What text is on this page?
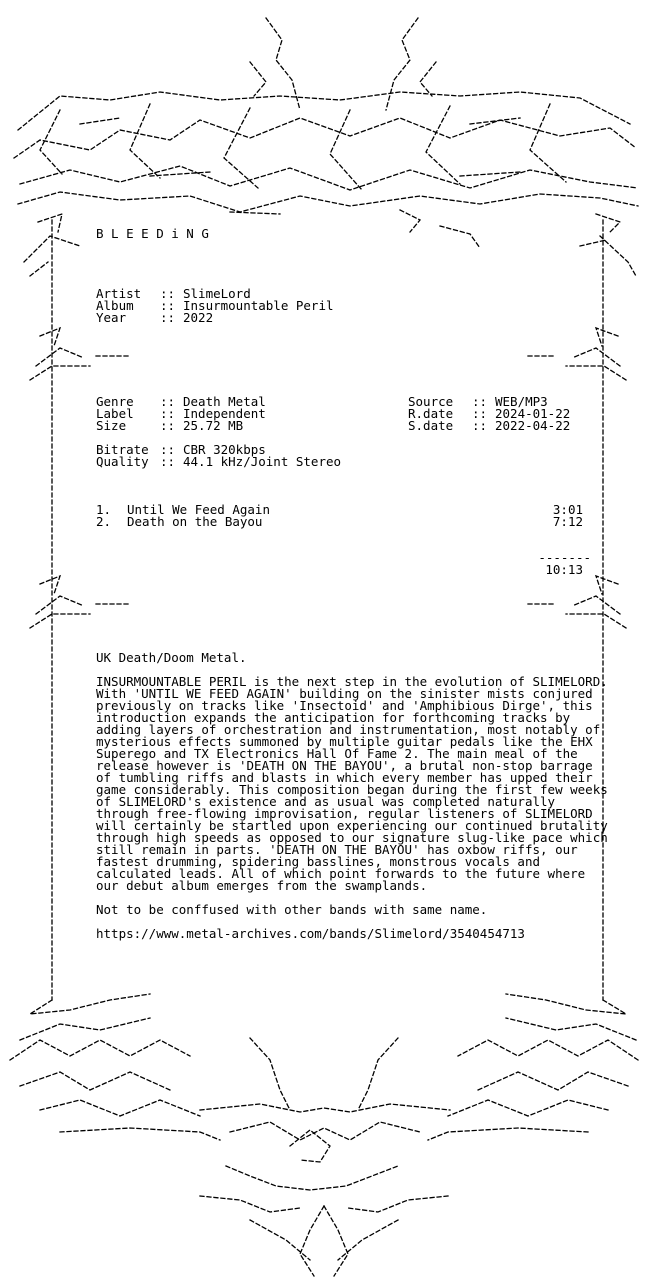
B L E E D i N G
Artist :: SlimeLord
Album :: Insurmountable Peril
Year	:: 2022
Genre :: Death Metal
Label :: Independent
Size	:: 25.72 MB
Source :: WEB/MP3
R.date :: 2024-01-22
S.date :: 2022-04-22
Bitrate :: CBR 320kbps
Quality :: 44.1 kHz/Joint Stereo
1. Until We Feed Again	3:01
2. Death on the Bayou	7:12
-------
10:13

UK Death/Doom Metal.

INSURMOUNTABLE PERIL is the next step in the evolution of SLIMELORD. With 'UNTIL WE FEED AGAIN' building on the sinister mists conjured previously on tracks like 'Insectoid' and 'Amphibious Dirge', this introduction expands the anticipation for forthcoming tracks by adding layers of orchestration and instrumentation, most notably of mysterious effects summoned by multiple guitar pedals like the EHX Superego and TX Electronics Hall Of Fame 2. The main meal of the release however is 'DEATH ON THE BAYOU', a brutal non-stop barrage of tumbling riffs and blasts in which every member has upped their game considerably. This composition began during the first few weeks of SLIMELORD's existence and as usual was completed naturally through free-flowing improvisation, regular listeners of SLIMELORD will certainly be startled upon experiencing our continued brutality through high speeds as opposed to our signature slug-like pace which still remain in parts. 'DEATH ON THE BAYOU' has oxbow riffs, our fastest drumming, spidering basslines, monstrous vocals and calculated leads. All of which point forwards to the future where our debut album emerges from the swamplands.

Not to be conffused with other bands with same name.

https://www.metal-archives.com/bands/Slimelord/3540454713
